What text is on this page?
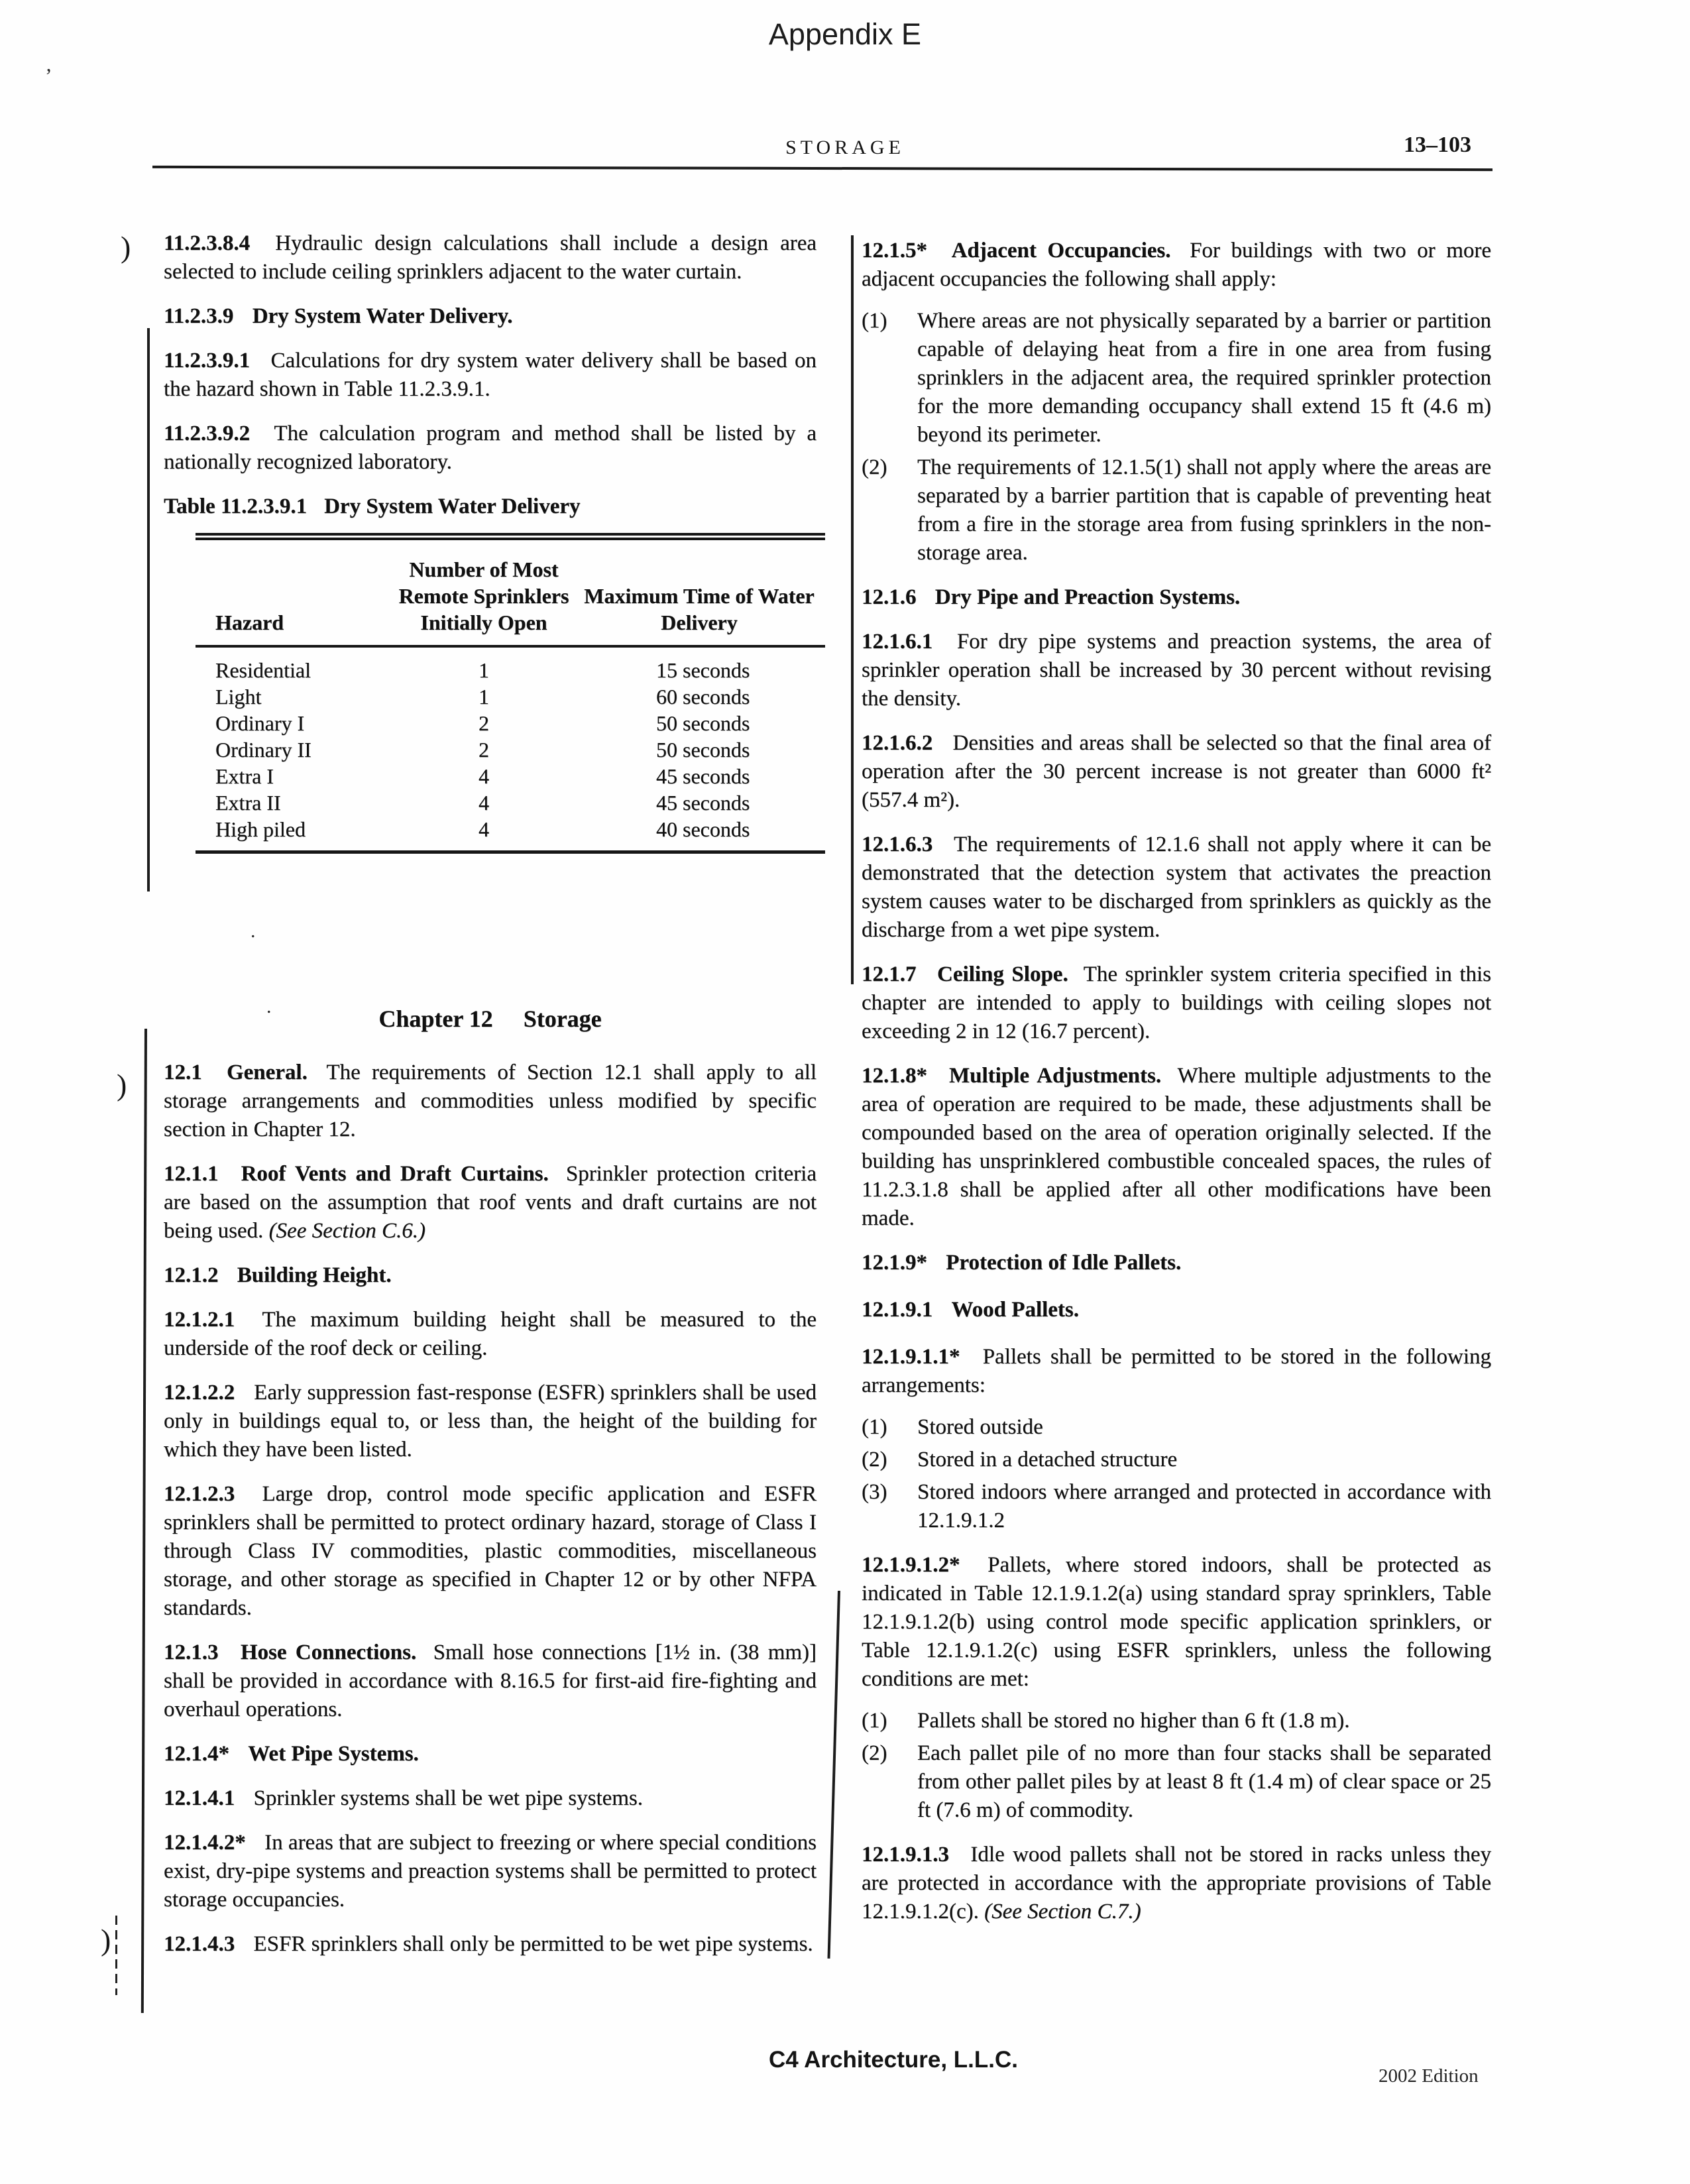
Appendix E
STORAGE	13–103
)
)
)
.
.
ʼ

11.2.3.8.4 Hydraulic design calculations shall include a design area selected to include ceiling sprinklers adjacent to the water curtain.

11.2.3.9 Dry System Water Delivery.

11.2.3.9.1 Calculations for dry system water delivery shall be based on the hazard shown in Table 11.2.3.9.1.

11.2.3.9.2 The calculation program and method shall be listed by a nationally recognized laboratory.

Table 11.2.3.9.1 Dry System Water Delivery
Hazard	Number of Most Remote Sprinklers Initially Open	Maximum Time of Water Delivery
Residential	1	15 seconds
Light	1	60 seconds
Ordinary I	2	50 seconds
Ordinary II	2	50 seconds
Extra I	4	45 seconds
Extra II	4	45 seconds
High piled	4	40 seconds
Chapter 12 Storage

12.1 General. The requirements of Section 12.1 shall apply to all storage arrangements and commodities unless modified by specific section in Chapter 12.

12.1.1 Roof Vents and Draft Curtains. Sprinkler protection criteria are based on the assumption that roof vents and draft curtains are not being used. (See Section C.6.)

12.1.2 Building Height.

12.1.2.1 The maximum building height shall be measured to the underside of the roof deck or ceiling.

12.1.2.2 Early suppression fast-response (ESFR) sprinklers shall be used only in buildings equal to, or less than, the height of the building for which they have been listed.

12.1.2.3 Large drop, control mode specific application and ESFR sprinklers shall be permitted to protect ordinary hazard, storage of Class I through Class IV commodities, plastic commodities, miscellaneous storage, and other storage as specified in Chapter 12 or by other NFPA standards.

12.1.3 Hose Connections. Small hose connections [1½ in. (38 mm)] shall be provided in accordance with 8.16.5 for first-aid fire-fighting and overhaul operations.

12.1.4* Wet Pipe Systems.

12.1.4.1 Sprinkler systems shall be wet pipe systems.

12.1.4.2* In areas that are subject to freezing or where special conditions exist, dry-pipe systems and preaction systems shall be permitted to protect storage occupancies.

12.1.4.3 ESFR sprinklers shall only be permitted to be wet pipe systems.

12.1.5* Adjacent Occupancies. For buildings with two or more adjacent occupancies the following shall apply:

(1) Where areas are not physically separated by a barrier or partition capable of delaying heat from a fire in one area from fusing sprinklers in the adjacent area, the required sprinkler protection for the more demanding occupancy shall extend 15 ft (4.6 m) beyond its perimeter.
(2) The requirements of 12.1.5(1) shall not apply where the areas are separated by a barrier partition that is capable of preventing heat from a fire in the storage area from fusing sprinklers in the non-storage area.

12.1.6 Dry Pipe and Preaction Systems.

12.1.6.1 For dry pipe systems and preaction systems, the area of sprinkler operation shall be increased by 30 percent without revising the density.

12.1.6.2 Densities and areas shall be selected so that the final area of operation after the 30 percent increase is not greater than 6000 ft² (557.4 m²).

12.1.6.3 The requirements of 12.1.6 shall not apply where it can be demonstrated that the detection system that activates the preaction system causes water to be discharged from sprinklers as quickly as the discharge from a wet pipe system.

12.1.7 Ceiling Slope. The sprinkler system criteria specified in this chapter are intended to apply to buildings with ceiling slopes not exceeding 2 in 12 (16.7 percent).

12.1.8* Multiple Adjustments. Where multiple adjustments to the area of operation are required to be made, these adjustments shall be compounded based on the area of operation originally selected. If the building has unsprinklered combustible concealed spaces, the rules of 11.2.3.1.8 shall be applied after all other modifications have been made.

12.1.9* Protection of Idle Pallets.

12.1.9.1 Wood Pallets.

12.1.9.1.1* Pallets shall be permitted to be stored in the following arrangements:

(1) Stored outside
(2) Stored in a detached structure
(3) Stored indoors where arranged and protected in accordance with 12.1.9.1.2

12.1.9.1.2* Pallets, where stored indoors, shall be protected as indicated in Table 12.1.9.1.2(a) using standard spray sprinklers, Table 12.1.9.1.2(b) using control mode specific application sprinklers, or Table 12.1.9.1.2(c) using ESFR sprinklers, unless the following conditions are met:

(1) Pallets shall be stored no higher than 6 ft (1.8 m).
(2) Each pallet pile of no more than four stacks shall be separated from other pallet piles by at least 8 ft (1.4 m) of clear space or 25 ft (7.6 m) of commodity.

12.1.9.1.3 Idle wood pallets shall not be stored in racks unless they are protected in accordance with the appropriate provisions of Table 12.1.9.1.2(c). (See Section C.7.)

C4 Architecture, L.L.C.
2002 Edition
